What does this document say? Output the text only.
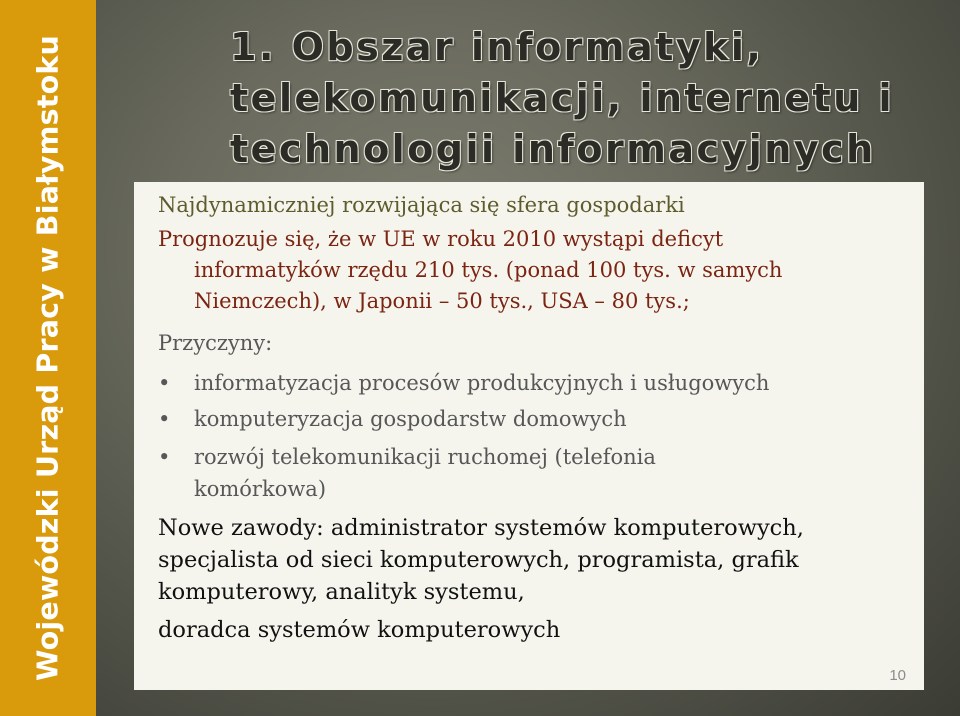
Wojewódzki Urząd Pracy w Białymstoku	1. Obszar informatyki,
telekomunikacji, internetu i
technologii informacyjnych
Najdynamiczniej rozwijająca się sfera gospodarki
Prognozuje się, że w UE w roku 2010 wystąpi deficyt
informatyków rzędu 210 tys. (ponad 100 tys. w samych
Niemczech), w Japonii – 50 tys., USA – 80 tys.;
Przyczyny:
• informatyzacja procesów produkcyjnych i usługowych
• komputeryzacja gospodarstw domowych
• rozwój telekomunikacji ruchomej (telefonia
komórkowa)
Nowe zawody: administrator systemów komputerowych,
specjalista od sieci komputerowych, programista, grafik
komputerowy, analityk systemu,
doradca systemów komputerowych
10
